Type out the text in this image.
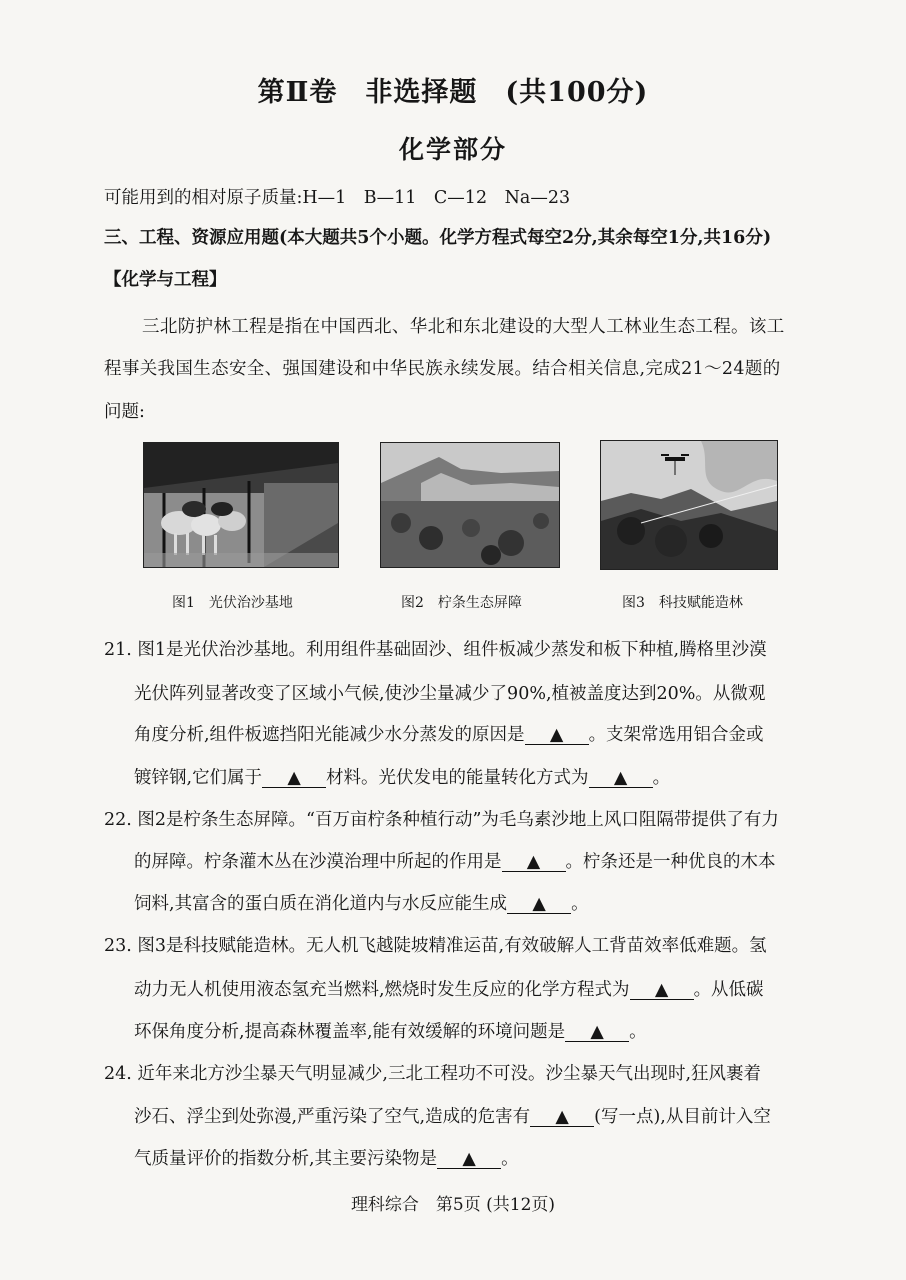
第Ⅱ卷　非选择题　(共100分)
化学部分
可能用到的相对原子质量:H—1　B—11　C—12　Na—23
三、工程、资源应用题(本大题共5个小题。化学方程式每空2分,其余每空1分,共16分)
【化学与工程】
三北防护林工程是指在中国西北、华北和东北建设的大型人工林业生态工程。该工
程事关我国生态安全、强国建设和中华民族永续发展。结合相关信息,完成21～24题的
问题:
图1　光伏治沙基地	图2　柠条生态屏障	图3　科技赋能造林
21. 图1是光伏治沙基地。利用组件基础固沙、组件板减少蒸发和板下种植,腾格里沙漠
光伏阵列显著改变了区域小气候,使沙尘量减少了90%,植被盖度达到20%。从微观
角度分析,组件板遮挡阳光能减少水分蒸发的原因是 ▲ 。支架常选用铝合金或
镀锌钢,它们属于 ▲ 材料。光伏发电的能量转化方式为 ▲ 。
22. 图2是柠条生态屏障。“百万亩柠条种植行动”为毛乌素沙地上风口阻隔带提供了有力
的屏障。柠条灌木丛在沙漠治理中所起的作用是 ▲ 。柠条还是一种优良的木本
饲料,其富含的蛋白质在消化道内与水反应能生成 ▲ 。
23. 图3是科技赋能造林。无人机飞越陡坡精准运苗,有效破解人工背苗效率低难题。氢
动力无人机使用液态氢充当燃料,燃烧时发生反应的化学方程式为 ▲ 。从低碳
环保角度分析,提高森林覆盖率,能有效缓解的环境问题是 ▲ 。
24. 近年来北方沙尘暴天气明显减少,三北工程功不可没。沙尘暴天气出现时,狂风裹着
沙石、浮尘到处弥漫,严重污染了空气,造成的危害有 ▲ (写一点),从目前计入空
气质量评价的指数分析,其主要污染物是 ▲ 。
理科综合　第5页 (共12页)
